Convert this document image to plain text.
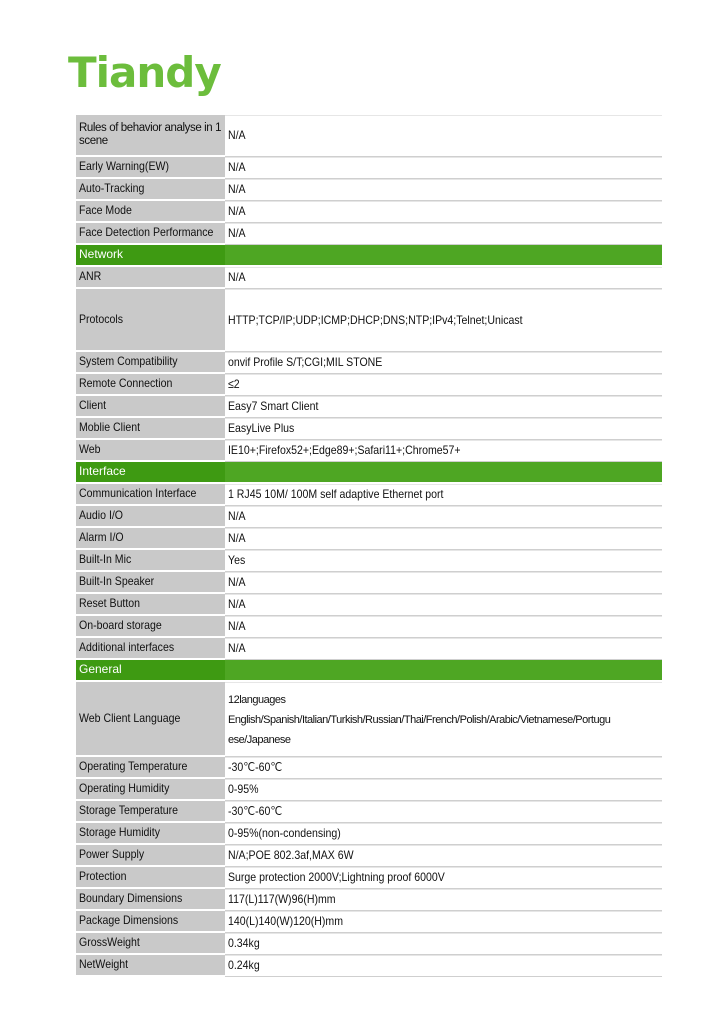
Tiandy
Rules of behavior analyse in 1 scene	N/A
Early Warning(EW)	N/A
Auto-Tracking	N/A
Face Mode	N/A
Face Detection Performance	N/A
Network	
ANR	N/A
Protocols	HTTP;TCP/IP;UDP;ICMP;DHCP;DNS;NTP;IPv4;Telnet;Unicast
System Compatibility	onvif Profile S/T;CGI;MIL STONE
Remote Connection	≤2
Client	Easy7 Smart Client
Moblie Client	EasyLive Plus
Web	IE10+;Firefox52+;Edge89+;Safari11+;Chrome57+
Interface	
Communication Interface	1 RJ45 10M/ 100M self adaptive Ethernet port
Audio I/O	N/A
Alarm I/O	N/A
Built-In Mic	Yes
Built-In Speaker	N/A
Reset Button	N/A
On-board storage	N/A
Additional interfaces	N/A
General	
Web Client Language	12languages
English/Spanish/Italian/Turkish/Russian/Thai/French/Polish/Arabic/Vietnamese/Portugu
ese/Japanese

Operating Temperature	-30℃-60℃
Operating Humidity	0-95%
Storage Temperature	-30℃-60℃
Storage Humidity	0-95%(non-condensing)
Power Supply	N/A;POE 802.3af,MAX 6W
Protection	Surge protection 2000V;Lightning proof 6000V
Boundary Dimensions	117(L)117(W)96(H)mm
Package Dimensions	140(L)140(W)120(H)mm
GrossWeight	0.34kg
NetWeight	0.24kg
